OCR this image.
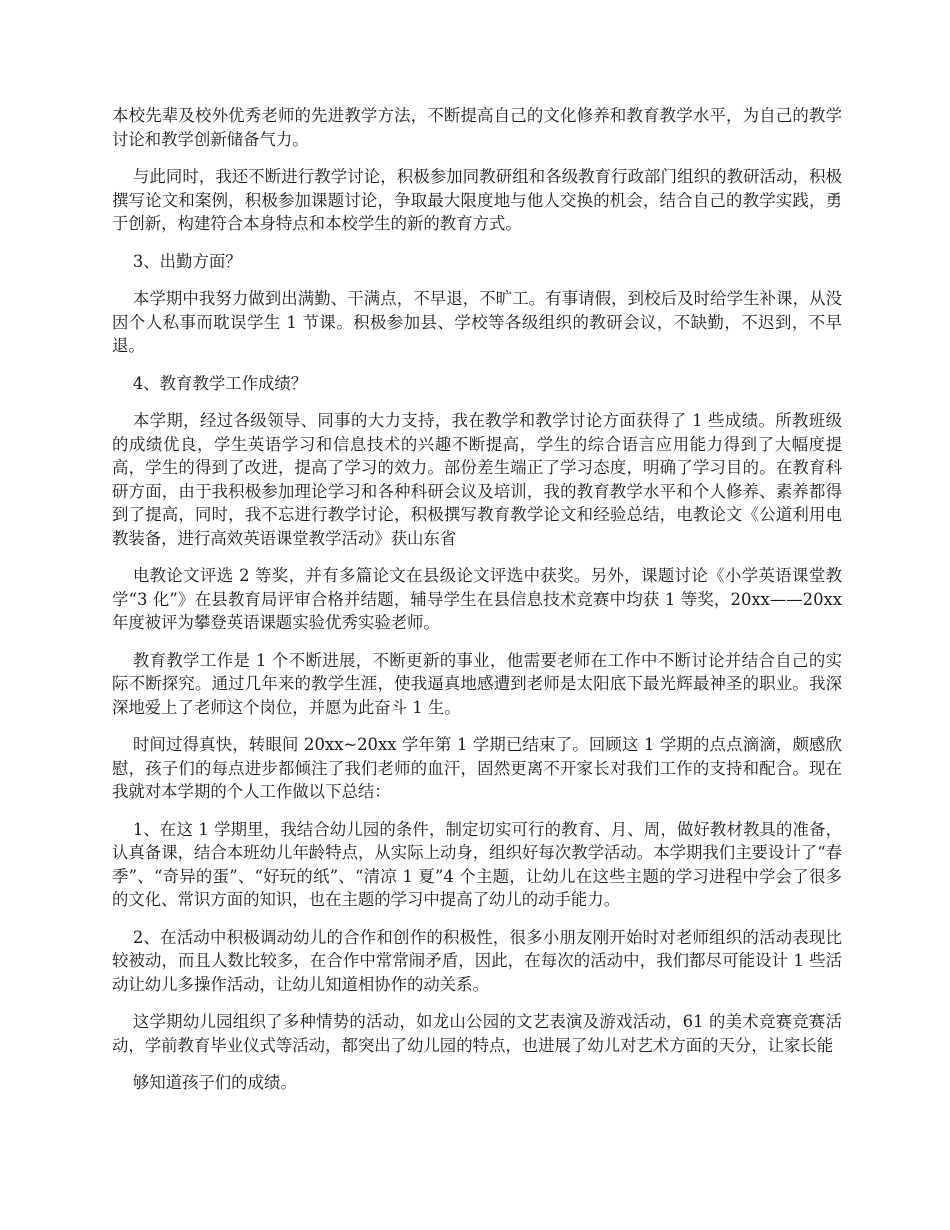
本校先辈及校外优秀老师的先进教学方法，不断提高自己的文化修养和教育教学水平，为自己的教学讨论和教学创新储备气力。

与此同时，我还不断进行教学讨论，积极参加同教研组和各级教育行政部门组织的教研活动，积极撰写论文和案例，积极参加课题讨论，争取最大限度地与他人交换的机会，结合自己的教学实践，勇于创新，构建符合本身特点和本校学生的新的教育方式。

3、出勤方面？

本学期中我努力做到出满勤、干满点，不早退，不旷工。有事请假，到校后及时给学生补课，从没因个人私事而耽误学生 1 节课。积极参加县、学校等各级组织的教研会议，不缺勤，不迟到，不早退。

4、教育教学工作成绩？

本学期，经过各级领导、同事的大力支持，我在教学和教学讨论方面获得了 1 些成绩。所教班级的成绩优良，学生英语学习和信息技术的兴趣不断提高，学生的综合语言应用能力得到了大幅度提高，学生的得到了改进，提高了学习的效力。部份差生端正了学习态度，明确了学习目的。在教育科研方面，由于我积极参加理论学习和各种科研会议及培训，我的教育教学水平和个人修养、素养都得到了提高，同时，我不忘进行教学讨论，积极撰写教育教学论文和经验总结，电教论文《公道利用电教装备，进行高效英语课堂教学活动》获山东省

电教论文评选 2 等奖，并有多篇论文在县级论文评选中获奖。另外，课题讨论《小学英语课堂教学“3 化”》在县教育局评审合格并结题，辅导学生在县信息技术竞赛中均获 1 等奖，20xx——20xx 年度被评为攀登英语课题实验优秀实验老师。

教育教学工作是 1 个不断进展，不断更新的事业，他需要老师在工作中不断讨论并结合自己的实际不断探究。通过几年来的教学生涯，使我逼真地感遭到老师是太阳底下最光辉最神圣的职业。我深深地爱上了老师这个岗位，并愿为此奋斗 1 生。

时间过得真快，转眼间 20xx~20xx 学年第 1 学期已结束了。回顾这 1 学期的点点滴滴，颇感欣慰，孩子们的每点进步都倾注了我们老师的血汗，固然更离不开家长对我们工作的支持和配合。现在我就对本学期的个人工作做以下总结：

1、在这 1 学期里，我结合幼儿园的条件，制定切实可行的教育、月、周，做好教材教具的准备，认真备课，结合本班幼儿年龄特点，从实际上动身，组织好每次教学活动。本学期我们主要设计了“春季”、“奇异的蛋”、“好玩的纸”、“清凉 1 夏”4 个主题，让幼儿在这些主题的学习进程中学会了很多的文化、常识方面的知识，也在主题的学习中提高了幼儿的动手能力。

2、在活动中积极调动幼儿的合作和创作的积极性，很多小朋友刚开始时对老师组织的活动表现比较被动，而且人数比较多，在合作中常常闹矛盾，因此，在每次的活动中，我们都尽可能设计 1 些活动让幼儿多操作活动，让幼儿知道相协作的动关系。

这学期幼儿园组织了多种情势的活动，如龙山公园的文艺表演及游戏活动，61 的美术竞赛竞赛活动，学前教育毕业仪式等活动，都突出了幼儿园的特点，也进展了幼儿对艺术方面的天分，让家长能

够知道孩子们的成绩。
